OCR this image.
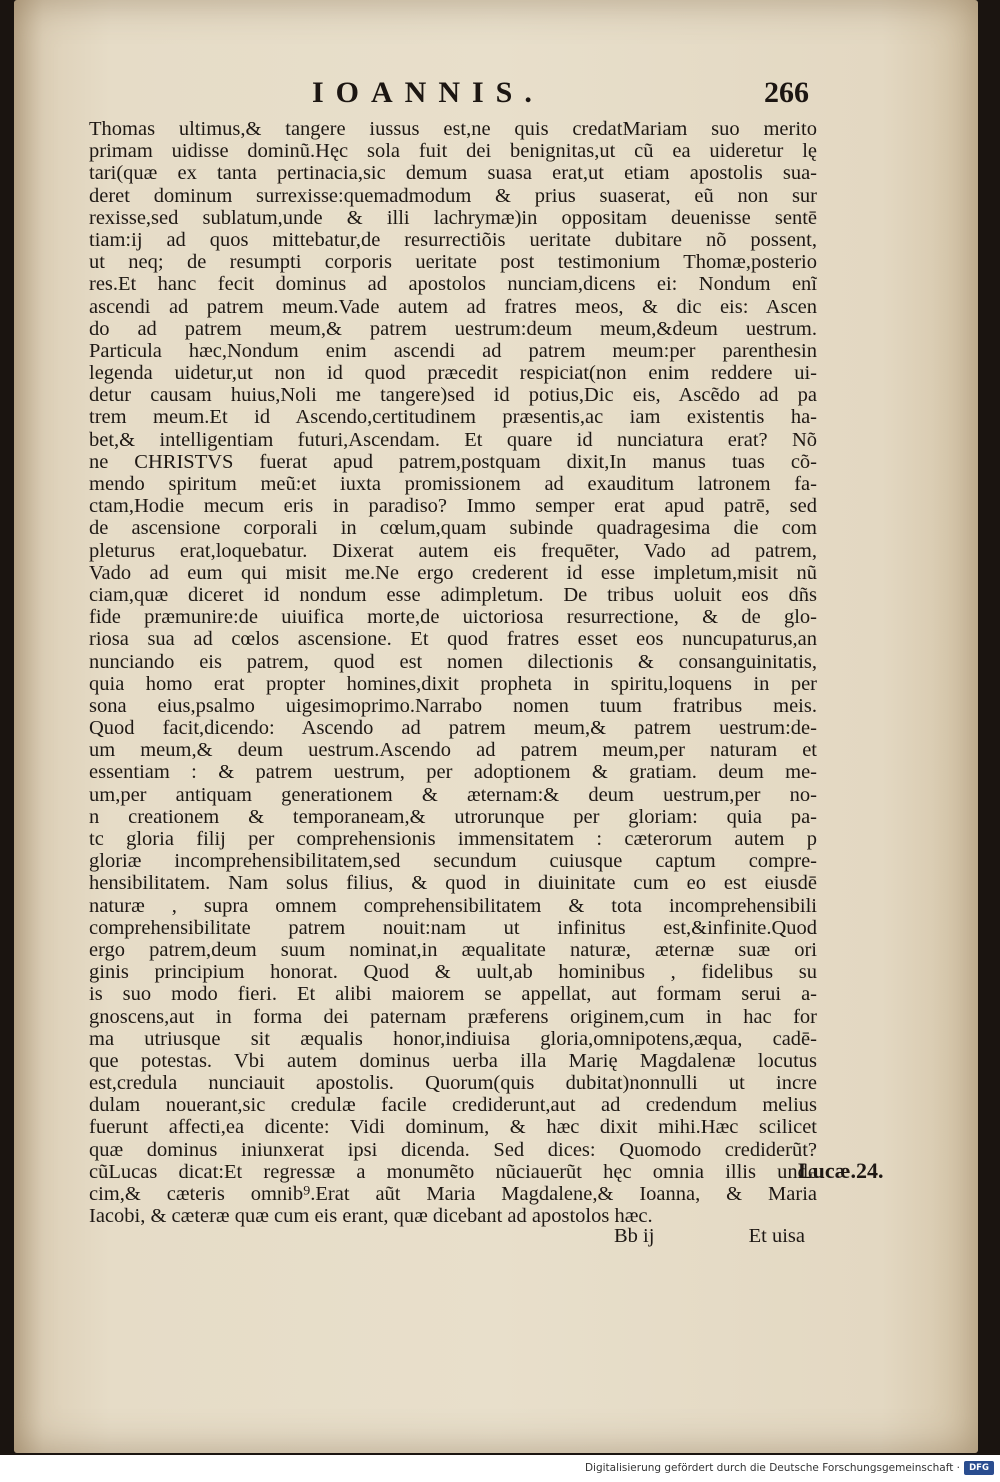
IOANNIS.	266
Thomas ultimus,& tangere iussus est,ne quis credatMariam suo merito
primam uidisse dominũ.Hęc sola fuit dei benignitas,ut cũ ea uideretur lę
tari(quæ ex tanta pertinacia,sic demum suasa erat,ut etiam apostolis sua-
deret dominum surrexisse:quemadmodum & prius suaserat, eũ non sur
rexisse,sed sublatum,unde & illi lachrymæ)in oppositam deuenisse sentē
tiam:ij ad quos mittebatur,de resurrectiõis ueritate dubitare nõ possent,
ut neq; de resumpti corporis ueritate post testimonium Thomæ,posterio
res.Et hanc fecit dominus ad apostolos nunciam,dicens ei: Nondum enĩ
ascendi ad patrem meum.Vade autem ad fratres meos, & dic eis: Ascen
do ad patrem meum,& patrem uestrum:deum meum,&deum uestrum.
Particula hæc,Nondum enim ascendi ad patrem meum:per parenthesin
legenda uidetur,ut non id quod præcedit respiciat(non enim reddere ui-
detur causam huius,Noli me tangere)sed id potius,Dic eis, Ascẽdo ad pa
trem meum.Et id Ascendo,certitudinem præsentis,ac iam existentis ha-
bet,& intelligentiam futuri,Ascendam. Et quare id nunciatura erat? Nõ
ne CHRISTVS fuerat apud patrem,postquam dixit,In manus tuas cõ-
mendo spiritum meũ:et iuxta promissionem ad exauditum latronem fa-
ctam,Hodie mecum eris in paradiso? Immo semper erat apud patrē, sed
de ascensione corporali in cœlum,quam subinde quadragesima die com
pleturus erat,loquebatur. Dixerat autem eis frequēter, Vado ad patrem,
Vado ad eum qui misit me.Ne ergo crederent id esse impletum,misit nũ
ciam,quæ diceret id nondum esse adimpletum. De tribus uoluit eos dñs
fide præmunire:de uiuifica morte,de uictoriosa resurrectione, & de glo-
riosa sua ad cœlos ascensione. Et quod fratres esset eos nuncupaturus,an
nunciando eis patrem, quod est nomen dilectionis & consanguinitatis,
quia homo erat propter homines,dixit propheta in spiritu,loquens in per
sona eius,psalmo uigesimoprimo.Narrabo nomen tuum fratribus meis.
Quod facit,dicendo: Ascendo ad patrem meum,& patrem uestrum:de-
um meum,& deum uestrum.Ascendo ad patrem meum,per naturam et
essentiam : & patrem uestrum, per adoptionem & gratiam. deum me-
um,per antiquam generationem & æternam:& deum uestrum,per no-
n creationem & temporaneam,& utrorunque per gloriam: quia pa-
tc gloria filij per comprehensionis immensitatem : cæterorum autem p
gloriæ incomprehensibilitatem,sed secundum cuiusque captum compre-
hensibilitatem. Nam solus filius, & quod in diuinitate cum eo est eiusdē
naturæ , supra omnem comprehensibilitatem & tota incomprehensibili
comprehensibilitate patrem nouit:nam ut infinitus est,&infinite.Quod
ergo patrem,deum suum nominat,in æqualitate naturæ, æternæ suæ ori
ginis principium honorat. Quod & uult,ab hominibus , fidelibus su
is suo modo fieri. Et alibi maiorem se appellat, aut formam serui a-
gnoscens,aut in forma dei paternam præferens originem,cum in hac for
ma utriusque sit æqualis honor,indiuisa gloria,omnipotens,æqua, cadē-
que potestas. Vbi autem dominus uerba illa Marię Magdalenæ locutus
est,credula nunciauit apostolis. Quorum(quis dubitat)nonnulli ut incre
dulam nouerant,sic credulæ facile crediderunt,aut ad credendum melius
fuerunt affecti,ea dicente: Vidi dominum, & hæc dixit mihi.Hæc scilicet
quæ dominus iniunxerat ipsi dicenda. Sed dices: Quomodo crediderũt?
cũLucas dicat:Et regressæ a monumẽto nũciauerũt hęc omnia illis unde
cim,& cæteris omnib⁹.Erat aũt Maria Magdalene,& Ioanna, & Maria
Iacobi, & cæteræ quæ cum eis erant, quæ dicebant ad apostolos hæc.
Bb ij	Et uisa
Lucæ.24.
Digitalisierung gefördert durch die Deutsche Forschungsgemeinschaft ·	DFG
